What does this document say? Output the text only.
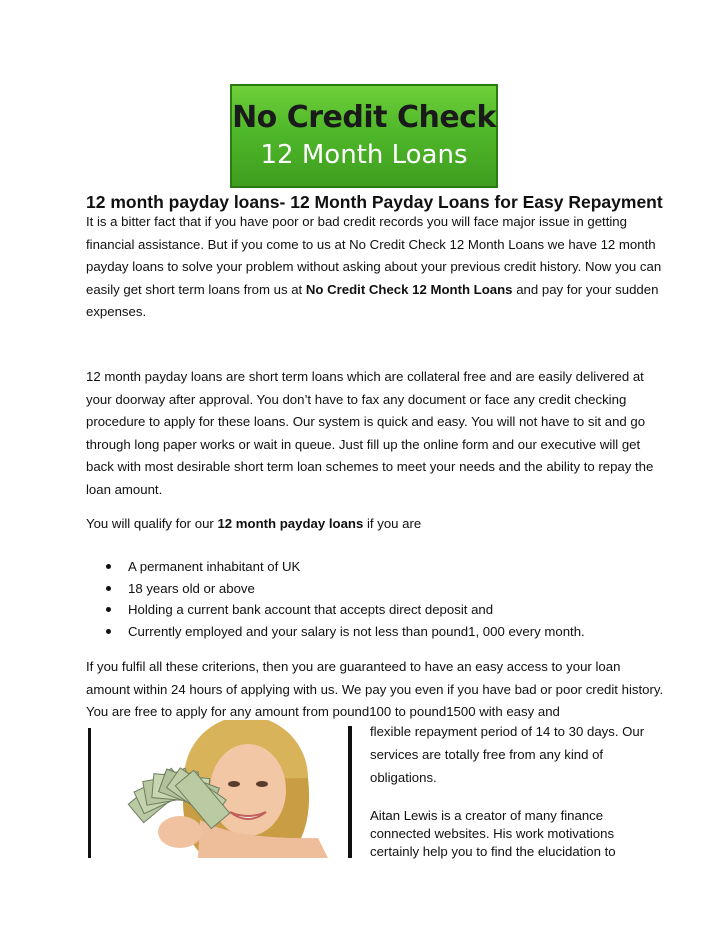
No Credit Check
12 Month Loans
12 month payday loans- 12 Month Payday Loans for Easy Repayment

It is a bitter fact that if you have poor or bad credit records you will face major issue in getting financial assistance. But if you come to us at No Credit Check 12 Month Loans we have 12 month payday loans to solve your problem without asking about your previous credit history. Now you can easily get short term loans from us at No Credit Check 12 Month Loans and pay for your sudden expenses.

12 month payday loans are short term loans which are collateral free and are easily delivered at your doorway after approval. You don’t have to fax any document or face any credit checking procedure to apply for these loans. Our system is quick and easy. You will not have to sit and go through long paper works or wait in queue. Just fill up the online form and our executive will get back with most desirable short term loan schemes to meet your needs and the ability to repay the loan amount.

You will qualify for our 12 month payday loans if you are

A permanent inhabitant of UK
18 years old or above
Holding a current bank account that accepts direct deposit and
Currently employed and your salary is not less than pound1, 000 every month.

If you fulfil all these criterions, then you are guaranteed to have an easy access to your loan amount within 24 hours of applying with us. We pay you even if you have bad or poor credit history. You are free to apply for any amount from pound100 to pound1500 with easy and

flexible repayment period of 14 to 30 days. Our services are totally free from any kind of obligations.

Aitan Lewis is a creator of many finance connected websites. His work motivations certainly help you to find the elucidation to
